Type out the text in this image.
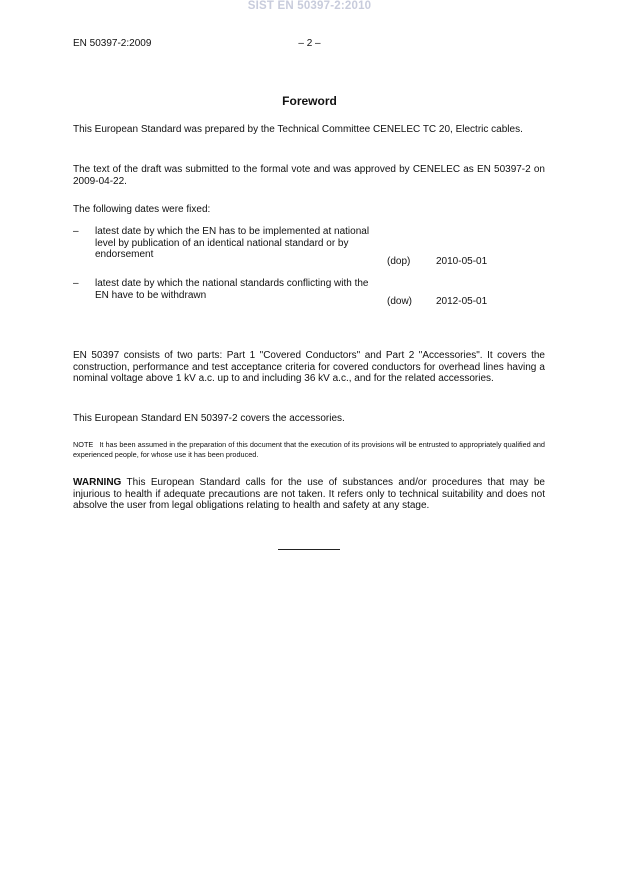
SIST EN 50397-2:2010
EN 50397-2:2009	– 2 –
Foreword
This European Standard was prepared by the Technical Committee CENELEC TC 20, Electric cables.
The text of the draft was submitted to the formal vote and was approved by CENELEC as EN 50397-2 on 2009-04-22.
The following dates were fixed:
– latest date by which the EN has to be implemented at national level by publication of an identical national standard or by endorsement
(dop)	2010-05-01
– latest date by which the national standards conflicting with the EN have to be withdrawn
(dow) 2012-05-01
EN 50397 consists of two parts: Part 1 "Covered Conductors" and Part 2 "Accessories". It covers the construction, performance and test acceptance criteria for covered conductors for overhead lines having a nominal voltage above 1 kV a.c. up to and including 36 kV a.c., and for the related accessories.
This European Standard EN 50397-2 covers the accessories.
NOTE It has been assumed in the preparation of this document that the execution of its provisions will be entrusted to appropriately qualified and experienced people, for whose use it has been produced.
WARNING This European Standard calls for the use of substances and/or procedures that may be injurious to health if adequate precautions are not taken. It refers only to technical suitability and does not absolve the user from legal obligations relating to health and safety at any stage.
